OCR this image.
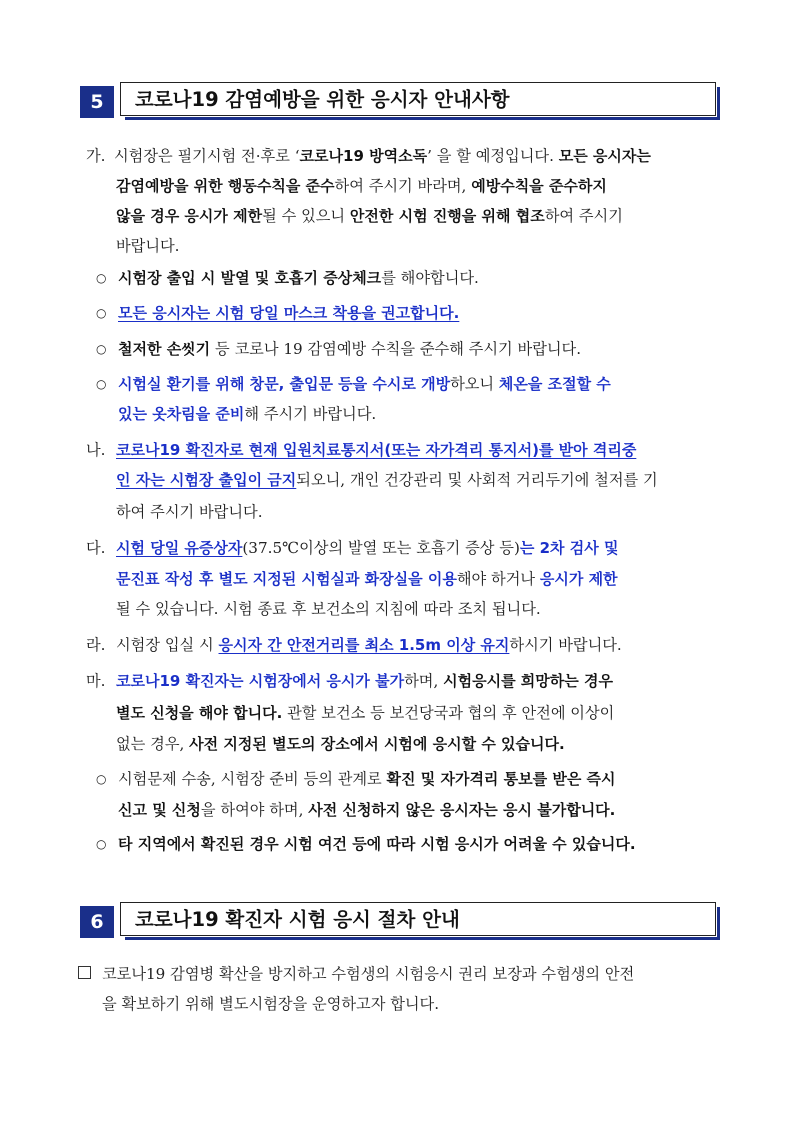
5	코로나19 감염예방을 위한 응시자 안내사항
가. 시험장은 필기시험 전·후로 ‘코로나19 방역소독’ 을 할 예정입니다. 모든 응시자는
감염예방을 위한 행동수칙을 준수하여 주시기 바라며, 예방수칙을 준수하지
않을 경우 응시가 제한될 수 있으니 안전한 시험 진행을 위해 협조하여 주시기
바랍니다.
○ 시험장 출입 시 발열 및 호흡기 증상체크를 해야합니다.
○ 모든 응시자는 시험 당일 마스크 착용을 권고합니다.
○ 철저한 손씻기 등 코로나 19 감염예방 수칙을 준수해 주시기 바랍니다.
○ 시험실 환기를 위해 창문, 출입문 등을 수시로 개방하오니 체온을 조절할 수
있는 옷차림을 준비해 주시기 바랍니다.
나. 코로나19 확진자로 현재 입원치료통지서(또는 자가격리 통지서)를 받아 격리중
인 자는 시험장 출입이 금지되오니, 개인 건강관리 및 사회적 거리두기에 철저를 기
하여 주시기 바랍니다.
다. 시험 당일 유증상자(37.5℃이상의 발열 또는 호흡기 증상 등)는 2차 검사 및
문진표 작성 후 별도 지정된 시험실과 화장실을 이용해야 하거나 응시가 제한
될 수 있습니다. 시험 종료 후 보건소의 지침에 따라 조치 됩니다.
라. 시험장 입실 시 응시자 간 안전거리를 최소 1.5m 이상 유지하시기 바랍니다.
마. 코로나19 확진자는 시험장에서 응시가 불가하며, 시험응시를 희망하는 경우
별도 신청을 해야 합니다. 관할 보건소 등 보건당국과 협의 후 안전에 이상이
없는 경우, 사전 지정된 별도의 장소에서 시험에 응시할 수 있습니다.
○ 시험문제 수송, 시험장 준비 등의 관계로 확진 및 자가격리 통보를 받은 즉시
신고 및 신청을 하여야 하며, 사전 신청하지 않은 응시자는 응시 불가합니다.
○ 타 지역에서 확진된 경우 시험 여건 등에 따라 시험 응시가 어려울 수 있습니다.
6	코로나19 확진자 시험 응시 절차 안내
코로나19 감염병 확산을 방지하고 수험생의 시험응시 권리 보장과 수험생의 안전
을 확보하기 위해 별도시험장을 운영하고자 합니다.
